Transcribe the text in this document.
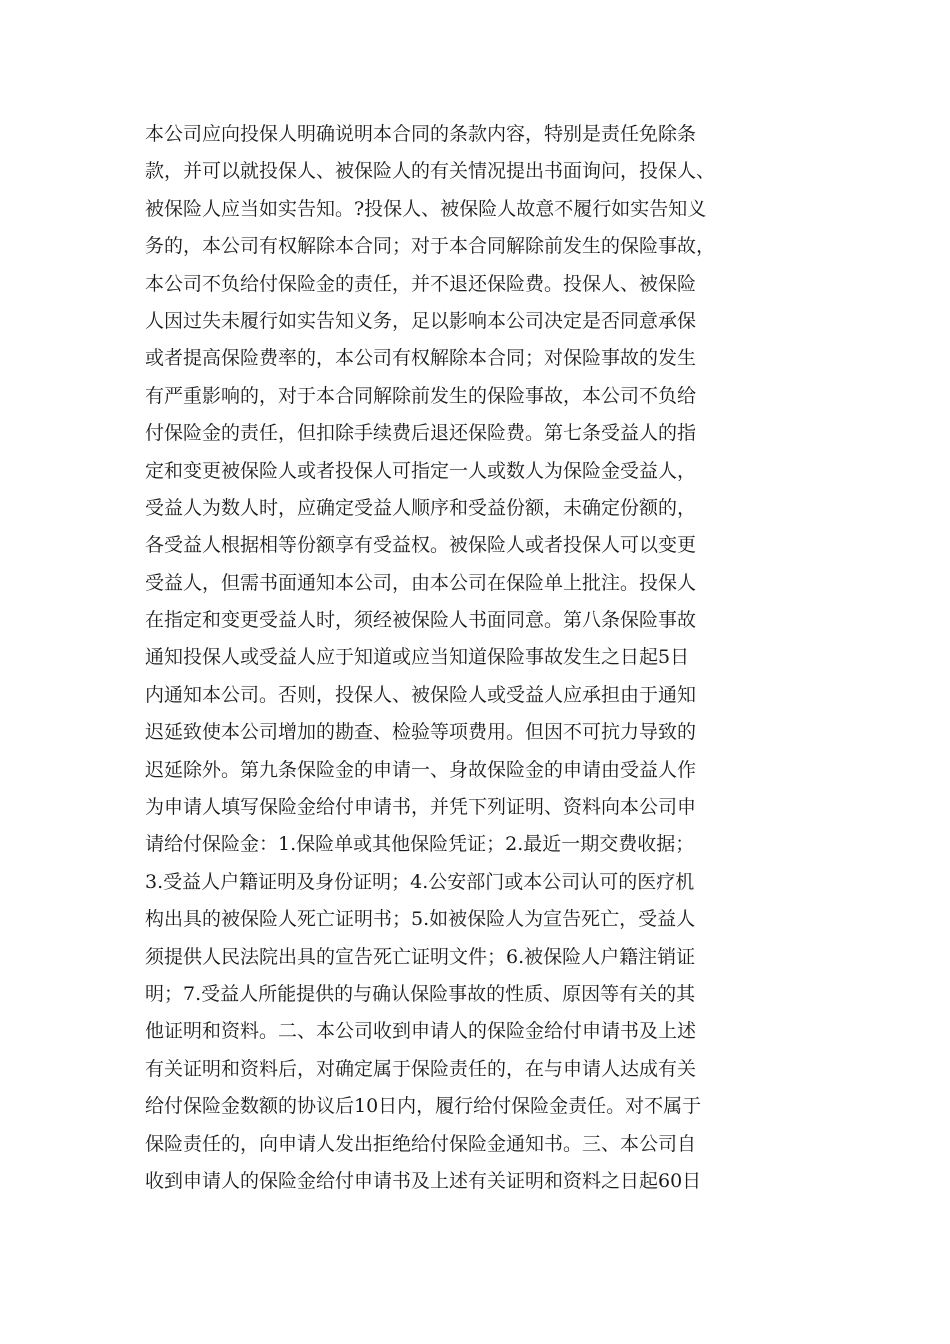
本公司应向投保人明确说明本合同的条款内容，特别是责任免除条
款，并可以就投保人、被保险人的有关情况提出书面询问，投保人、
被保险人应当如实告知。?投保人、被保险人故意不履行如实告知义
务的，本公司有权解除本合同；对于本合同解除前发生的保险事故，
本公司不负给付保险金的责任，并不退还保险费。投保人、被保险
人因过失未履行如实告知义务，足以影响本公司决定是否同意承保
或者提高保险费率的，本公司有权解除本合同；对保险事故的发生
有严重影响的，对于本合同解除前发生的保险事故，本公司不负给
付保险金的责任，但扣除手续费后退还保险费。第七条受益人的指
定和变更被保险人或者投保人可指定一人或数人为保险金受益人，
受益人为数人时，应确定受益人顺序和受益份额，未确定份额的，
各受益人根据相等份额享有受益权。被保险人或者投保人可以变更
受益人，但需书面通知本公司，由本公司在保险单上批注。投保人
在指定和变更受益人时，须经被保险人书面同意。第八条保险事故
通知投保人或受益人应于知道或应当知道保险事故发生之日起5日
内通知本公司。否则，投保人、被保险人或受益人应承担由于通知
迟延致使本公司增加的勘查、检验等项费用。但因不可抗力导致的
迟延除外。第九条保险金的申请一、身故保险金的申请由受益人作
为申请人填写保险金给付申请书，并凭下列证明、资料向本公司申
请给付保险金：1.保险单或其他保险凭证；2.最近一期交费收据；
3.受益人户籍证明及身份证明；4.公安部门或本公司认可的医疗机
构出具的被保险人死亡证明书；5.如被保险人为宣告死亡，受益人
须提供人民法院出具的宣告死亡证明文件；6.被保险人户籍注销证
明；7.受益人所能提供的与确认保险事故的性质、原因等有关的其
他证明和资料。二、本公司收到申请人的保险金给付申请书及上述
有关证明和资料后，对确定属于保险责任的，在与申请人达成有关
给付保险金数额的协议后10日内，履行给付保险金责任。对不属于
保险责任的，向申请人发出拒绝给付保险金通知书。三、本公司自
收到申请人的保险金给付申请书及上述有关证明和资料之日起60日
